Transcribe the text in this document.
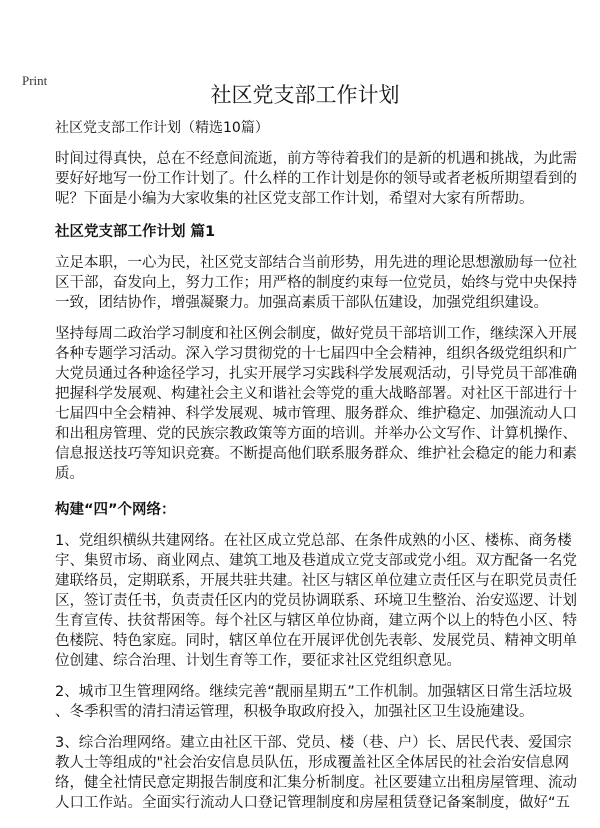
Print
社区党支部工作计划
社区党支部工作计划（精选10篇）
时间过得真快，总在不经意间流逝，前方等待着我们的是新的机遇和挑战，为此需
要好好地写一份工作计划了。什么样的工作计划是你的领导或者老板所期望看到的
呢？下面是小编为大家收集的社区党支部工作计划，希望对大家有所帮助。
社区党支部工作计划 篇1
立足本职，一心为民，社区党支部结合当前形势，用先进的理论思想激励每一位社
区干部，奋发向上，努力工作；用严格的制度约束每一位党员，始终与党中央保持
一致，团结协作，增强凝聚力。加强高素质干部队伍建设，加强党组织建设。
坚持每周二政治学习制度和社区例会制度，做好党员干部培训工作，继续深入开展
各种专题学习活动。深入学习贯彻党的十七届四中全会精神，组织各级党组织和广
大党员通过各种途径学习，扎实开展学习实践科学发展观活动，引导党员干部准确
把握科学发展观、构建社会主义和谐社会等党的重大战略部署。对社区干部进行十
七届四中全会精神、科学发展观、城市管理、服务群众、维护稳定、加强流动人口
和出租房管理、党的民族宗教政策等方面的培训。并举办公文写作、计算机操作、
信息报送技巧等知识竞赛。不断提高他们联系服务群众、维护社会稳定的能力和素
质。
构建“四”个网络：
1、党组织横纵共建网络。在社区成立党总部、在条件成熟的小区、楼栋、商务楼
宇、集贸市场、商业网点、建筑工地及巷道成立党支部或党小组。双方配备一名党
建联络员，定期联系，开展共驻共建。社区与辖区单位建立责任区与在职党员责任
区，签订责任书，负责责任区内的党员协调联系、环境卫生整治、治安巡逻、计划
生育宣传、扶贫帮困等。每个社区与辖区单位协商，建立两个以上的特色小区、特
色楼院、特色家庭。同时，辖区单位在开展评优创先表彰、发展党员、精神文明单
位创建、综合治理、计划生育等工作，要征求社区党组织意见。
2、城市卫生管理网络。继续完善“靓丽星期五”工作机制。加强辖区日常生活垃圾
、冬季积雪的清扫清运管理，积极争取政府投入，加强社区卫生设施建设。
3、综合治理网络。建立由社区干部、党员、楼（巷、户）长、居民代表、爱国宗
教人士等组成的"社会治安信息员队伍，形成覆盖社区全体居民的社会治安信息网
络，健全社情民意定期报告制度和汇集分析制度。社区要建立出租房屋管理、流动
人口工作站。全面实行流动人口登记管理制度和房屋租赁登记备案制度，做好“五
